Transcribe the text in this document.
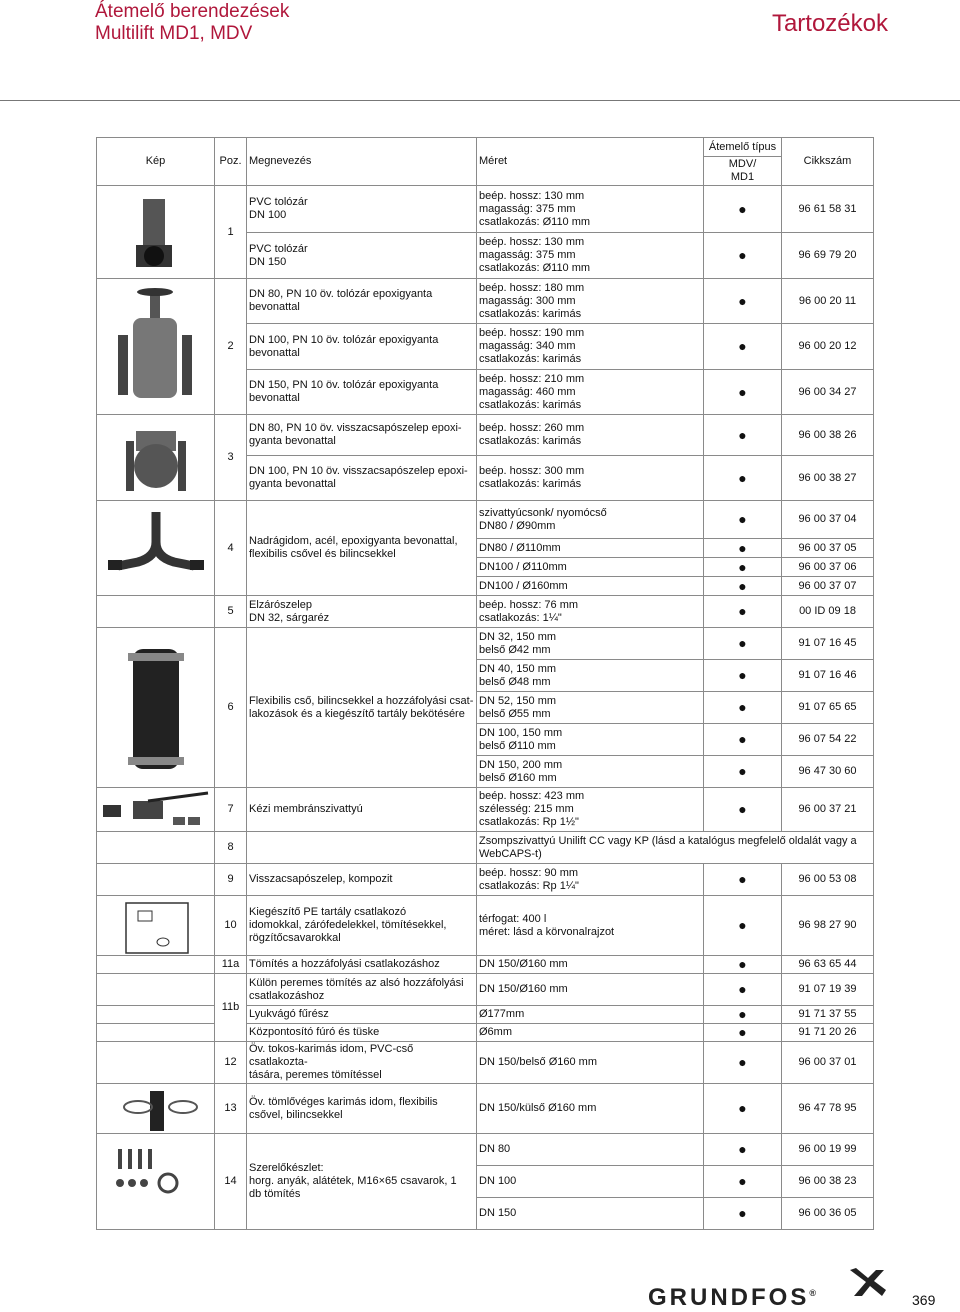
Átemelő berendezések
Multilift MD1, MDV	Tartozékok
Kép	Poz.	Megnevezés	Méret	Átemelő típus	Cikkszám

				MDV/
MD1	

	1	PVC tolózár
DN 100	beép. hossz: 130 mm
magasság: 375 mm
csatlakozás: Ø110 mm	●	96 61 58 31
		PVC tolózár
DN 150	beép. hossz: 130 mm
magasság: 375 mm
csatlakozás: Ø110 mm	●	96 69 79 20

	2	DN 80, PN 10 öv. tolózár epoxigyanta
bevonattal	beép. hossz: 180 mm
magasság: 300 mm
csatlakozás: karimás	●	96 00 20 11
		DN 100, PN 10 öv. tolózár epoxigyanta
bevonattal	beép. hossz: 190 mm
magasság: 340 mm
csatlakozás: karimás	●	96 00 20 12
		DN 150, PN 10 öv. tolózár epoxigyanta
bevonattal	beép. hossz: 210 mm
magasság: 460 mm
csatlakozás: karimás	●	96 00 34 27

	3	DN 80, PN 10 öv. visszacsapószelep epoxi-
gyanta bevonattal	beép. hossz: 260 mm
csatlakozás: karimás	●	96 00 38 26
		DN 100, PN 10 öv. visszacsapószelep epoxi-
gyanta bevonattal	beép. hossz: 300 mm
csatlakozás: karimás	●	96 00 38 27

	4	Nadrágidom, acél, epoxigyanta bevonattal,
flexibilis csővel és bilincsekkel	szivattyúcsonk/ nyomócső
DN80 / Ø90mm	●	96 00 37 04
			DN80 / Ø110mm	●	96 00 37 05
			DN100 / Ø110mm	●	96 00 37 06
			DN100 / Ø160mm	●	96 00 37 07

	5	Elzárószelep
DN 32, sárgaréz	beép. hossz: 76 mm
csatlakozás: 1¼"	●	00 ID 09 18

	6	Flexibilis cső, bilincsekkel a hozzáfolyási csat-
lakozások és a kiegészítő tartály bekötésére	DN 32, 150 mm
belső Ø42 mm	●	91 07 16 45
			DN 40, 150 mm
belső Ø48 mm	●	91 07 16 46
			DN 52, 150 mm
belső Ø55 mm	●	91 07 65 65
			DN 100, 150 mm
belső Ø110 mm	●	96 07 54 22
			DN 150, 200 mm
belső Ø160 mm	●	96 47 30 60

	7	Kézi membránszivattyú	beép. hossz: 423 mm
szélesség: 215 mm
csatlakozás: Rp 1½"	●	96 00 37 21
	8		Zsompszivattyú Unilift CC vagy KP (lásd a katalógus megfelelő oldalát vagy a
WebCAPS-t)		

	9	Visszacsapószelep, kompozit	beép. hossz: 90 mm
csatlakozás: Rp 1¼"	●	96 00 53 08

	10	Kiegészítő PE tartály csatlakozó
idomokkal, zárófedelekkel, tömítésekkel,
rögzítőcsavarokkal	térfogat: 400 l
méret: lásd a körvonalrajzot	●	96 98 27 90
	11a	Tömítés a hozzáfolyási csatlakozáshoz	DN 150/Ø160 mm	●	96 63 65 44
	11b	Külön peremes tömítés az alsó hozzáfolyási
csatlakozáshoz	DN 150/Ø160 mm	●	91 07 19 39
		Lyukvágó fűrész	Ø177mm	●	91 71 37 55
		Központosító fúró és tüske	Ø6mm	●	91 71 20 26
	12	Öv. tokos-karimás idom, PVC-cső csatlakozta-
tására, peremes tömítéssel	DN 150/belső Ø160 mm	●	96 00 37 01

	13	Öv. tömlővéges karimás idom, flexibilis
csővel, bilincsekkel	DN 150/külső Ø160 mm	●	96 47 78 95

	14	Szerelőkészlet:
horg. anyák, alátétek, M16×65 csavarok, 1
db tömítés	DN 80	●	96 00 19 99
			DN 100	●	96 00 38 23
			DN 150	●	96 00 36 05
GRUNDFOS®	369
